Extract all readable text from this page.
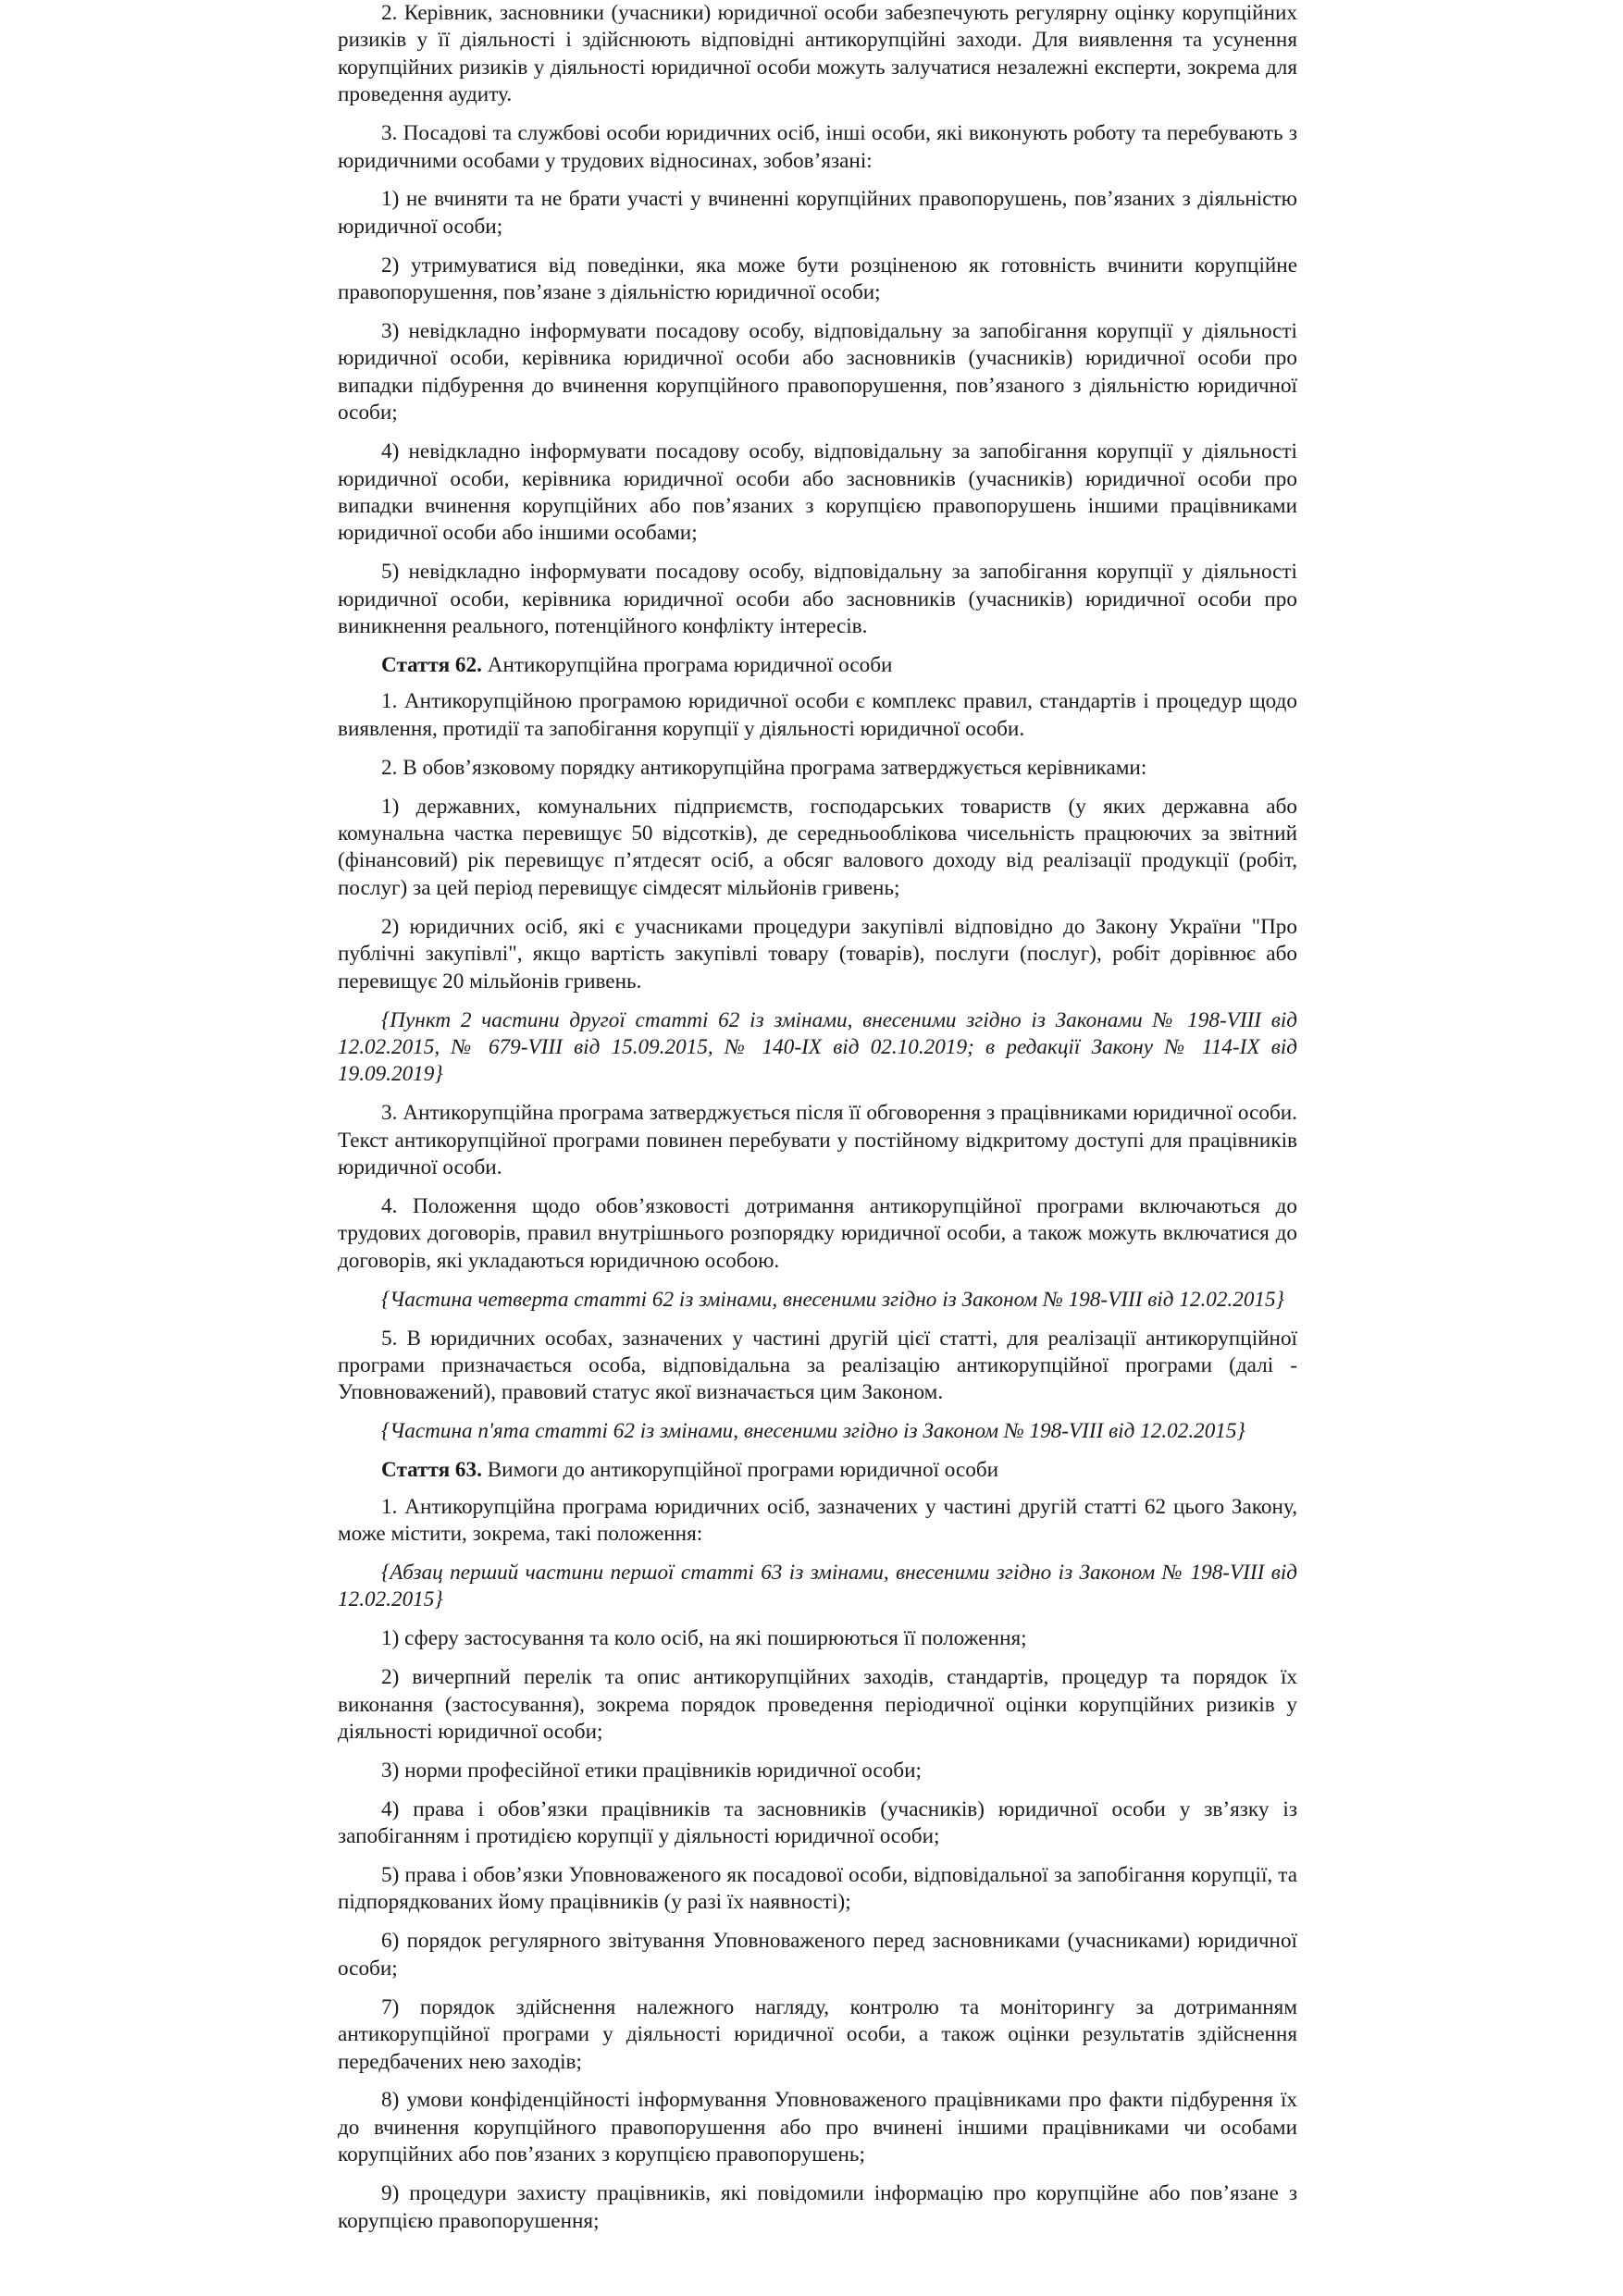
2. Керівник, засновники (учасники) юридичної особи забезпечують регулярну оцінку корупційних ризиків у її діяльності і здійснюють відповідні антикорупційні заходи. Для виявлення та усунення корупційних ризиків у діяльності юридичної особи можуть залучатися незалежні експерти, зокрема для проведення аудиту.

3. Посадові та службові особи юридичних осіб, інші особи, які виконують роботу та перебувають з юридичними особами у трудових відносинах, зобов’язані:

1) не вчиняти та не брати участі у вчиненні корупційних правопорушень, пов’язаних з діяльністю юридичної особи;

2) утримуватися від поведінки, яка може бути розціненою як готовність вчинити корупційне правопорушення, пов’язане з діяльністю юридичної особи;

3) невідкладно інформувати посадову особу, відповідальну за запобігання корупції у діяльності юридичної особи, керівника юридичної особи або засновників (учасників) юридичної особи про випадки підбурення до вчинення корупційного правопорушення, пов’язаного з діяльністю юридичної особи;

4) невідкладно інформувати посадову особу, відповідальну за запобігання корупції у діяльності юридичної особи, керівника юридичної особи або засновників (учасників) юридичної особи про випадки вчинення корупційних або пов’язаних з корупцією правопорушень іншими працівниками юридичної особи або іншими особами;

5) невідкладно інформувати посадову особу, відповідальну за запобігання корупції у діяльності юридичної особи, керівника юридичної особи або засновників (учасників) юридичної особи про виникнення реального, потенційного конфлікту інтересів.

Стаття 62. Антикорупційна програма юридичної особи

1. Антикорупційною програмою юридичної особи є комплекс правил, стандартів і процедур щодо виявлення, протидії та запобігання корупції у діяльності юридичної особи.

2. В обов’язковому порядку антикорупційна програма затверджується керівниками:

1) державних, комунальних підприємств, господарських товариств (у яких державна або комунальна частка перевищує 50 відсотків), де середньооблікова чисельність працюючих за звітний (фінансовий) рік перевищує п’ятдесят осіб, а обсяг валового доходу від реалізації продукції (робіт, послуг) за цей період перевищує сімдесят мільйонів гривень;

2) юридичних осіб, які є учасниками процедури закупівлі відповідно до Закону України "Про публічні закупівлі", якщо вартість закупівлі товару (товарів), послуги (послуг), робіт дорівнює або перевищує 20 мільйонів гривень.

{Пункт 2 частини другої статті 62 із змінами, внесеними згідно із Законами № 198-VIII від 12.02.2015, № 679-VIII від 15.09.2015, № 140-IX від 02.10.2019; в редакції Закону № 114-IX від 19.09.2019}

3. Антикорупційна програма затверджується після її обговорення з працівниками юридичної особи. Текст антикорупційної програми повинен перебувати у постійному відкритому доступі для працівників юридичної особи.

4. Положення щодо обов’язковості дотримання антикорупційної програми включаються до трудових договорів, правил внутрішнього розпорядку юридичної особи, а також можуть включатися до договорів, які укладаються юридичною особою.

{Частина четверта статті 62 із змінами, внесеними згідно із Законом № 198-VIII від 12.02.2015}

5. В юридичних особах, зазначених у частині другій цієї статті, для реалізації антикорупційної програми призначається особа, відповідальна за реалізацію антикорупційної програми (далі - Уповноважений), правовий статус якої визначається цим Законом.

{Частина п'ята статті 62 із змінами, внесеними згідно із Законом № 198-VIII від 12.02.2015}

Стаття 63. Вимоги до антикорупційної програми юридичної особи

1. Антикорупційна програма юридичних осіб, зазначених у частині другій статті 62 цього Закону, може містити, зокрема, такі положення:

{Абзац перший частини першої статті 63 із змінами, внесеними згідно із Законом № 198-VIII від 12.02.2015}

1) сферу застосування та коло осіб, на які поширюються її положення;

2) вичерпний перелік та опис антикорупційних заходів, стандартів, процедур та порядок їх виконання (застосування), зокрема порядок проведення періодичної оцінки корупційних ризиків у діяльності юридичної особи;

3) норми професійної етики працівників юридичної особи;

4) права і обов’язки працівників та засновників (учасників) юридичної особи у зв’язку із запобіганням і протидією корупції у діяльності юридичної особи;

5) права і обов’язки Уповноваженого як посадової особи, відповідальної за запобігання корупції, та підпорядкованих йому працівників (у разі їх наявності);

6) порядок регулярного звітування Уповноваженого перед засновниками (учасниками) юридичної особи;

7) порядок здійснення належного нагляду, контролю та моніторингу за дотриманням антикорупційної програми у діяльності юридичної особи, а також оцінки результатів здійснення передбачених нею заходів;

8) умови конфіденційності інформування Уповноваженого працівниками про факти підбурення їх до вчинення корупційного правопорушення або про вчинені іншими працівниками чи особами корупційних або пов’язаних з корупцією правопорушень;

9) процедури захисту працівників, які повідомили інформацію про корупційне або пов’язане з корупцією правопорушення;
